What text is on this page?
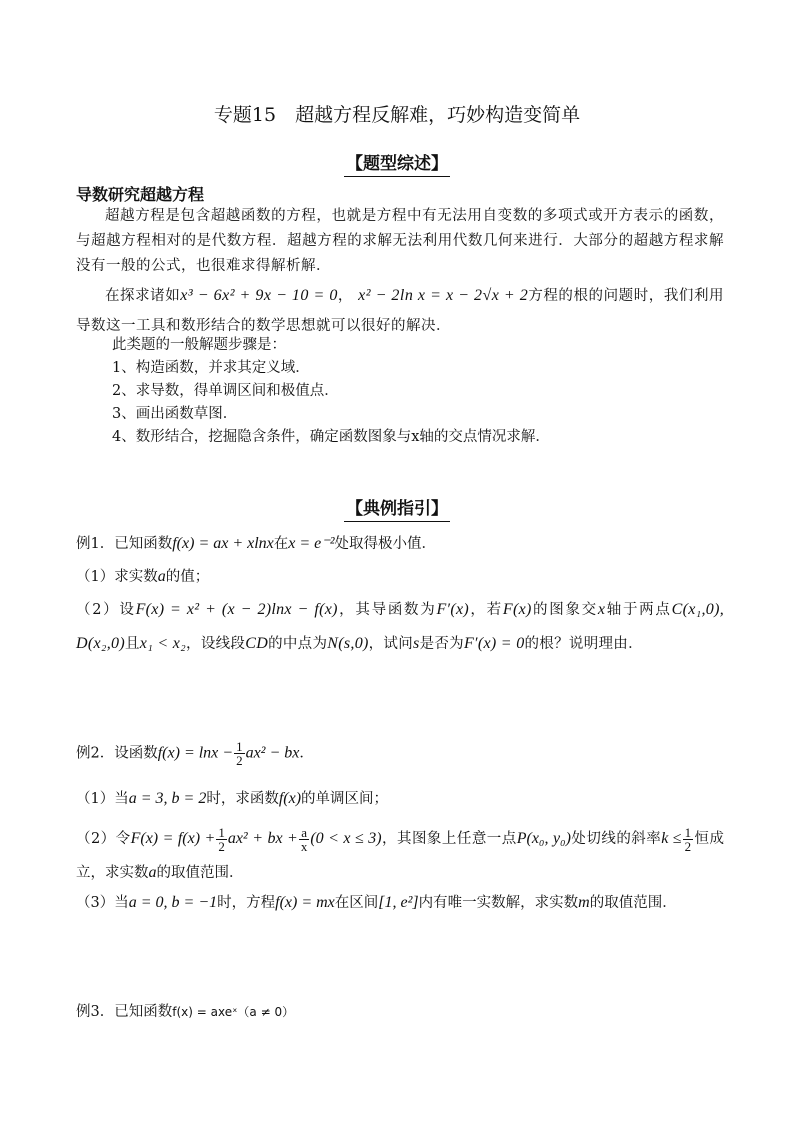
专题15　超越方程反解难，巧妙构造变简单
【题型综述】
导数研究超越方程
超越方程是包含超越函数的方程，也就是方程中有无法用自变数的多项式或开方表示的函数，与超越方程相对的是代数方程．超越方程的求解无法利用代数几何来进行．大部分的超越方程求解没有一般的公式，也很难求得解析解．
在探求诸如x³ − 6x² + 9x − 10 = 0， x² − 2ln x = x − 2√x + 2方程的根的问题时，我们利用导数这一工具和数形结合的数学思想就可以很好的解决．
此类题的一般解题步骤是：
1、构造函数，并求其定义域．
2、求导数，得单调区间和极值点．
3、画出函数草图．
4、数形结合，挖掘隐含条件，确定函数图象与x轴的交点情况求解．
【典例指引】
例1．已知函数f(x) = ax + xlnx在x = e⁻²处取得极小值．
（1）求实数a的值；
（2）设F(x) = x² + (x − 2)lnx − f(x)，其导函数为F′(x)，若F(x)的图象交x轴于两点C(x₁,0), D(x₂,0)且x₁ < x₂，设线段CD的中点为N(s,0)，试问s是否为F′(x) = 0的根？说明理由．
例2．设函数$f(x) = \ln x - \frac{1}{2} ax^2$ − bx．
（1）当a = 3, b = 2时，求函数f(x)的单调区间；
（2）令$F(x) = f(x) + \frac{1}{2} ax^2$ + bx + $\frac{a}{x} (0 < x \le 3)$，其图象上任意一点P(x₀, y₀)处切线的斜率$k \le \frac{1}{2}$ 恒成立，求实数a的取值范围．
（3）当a = 0, b = −1时，方程f(x) = mx在区间[1, e²]内有唯一实数解，求实数m的取值范围．
例3．已知函数f(x) = axeˣ（a ≠ 0）
